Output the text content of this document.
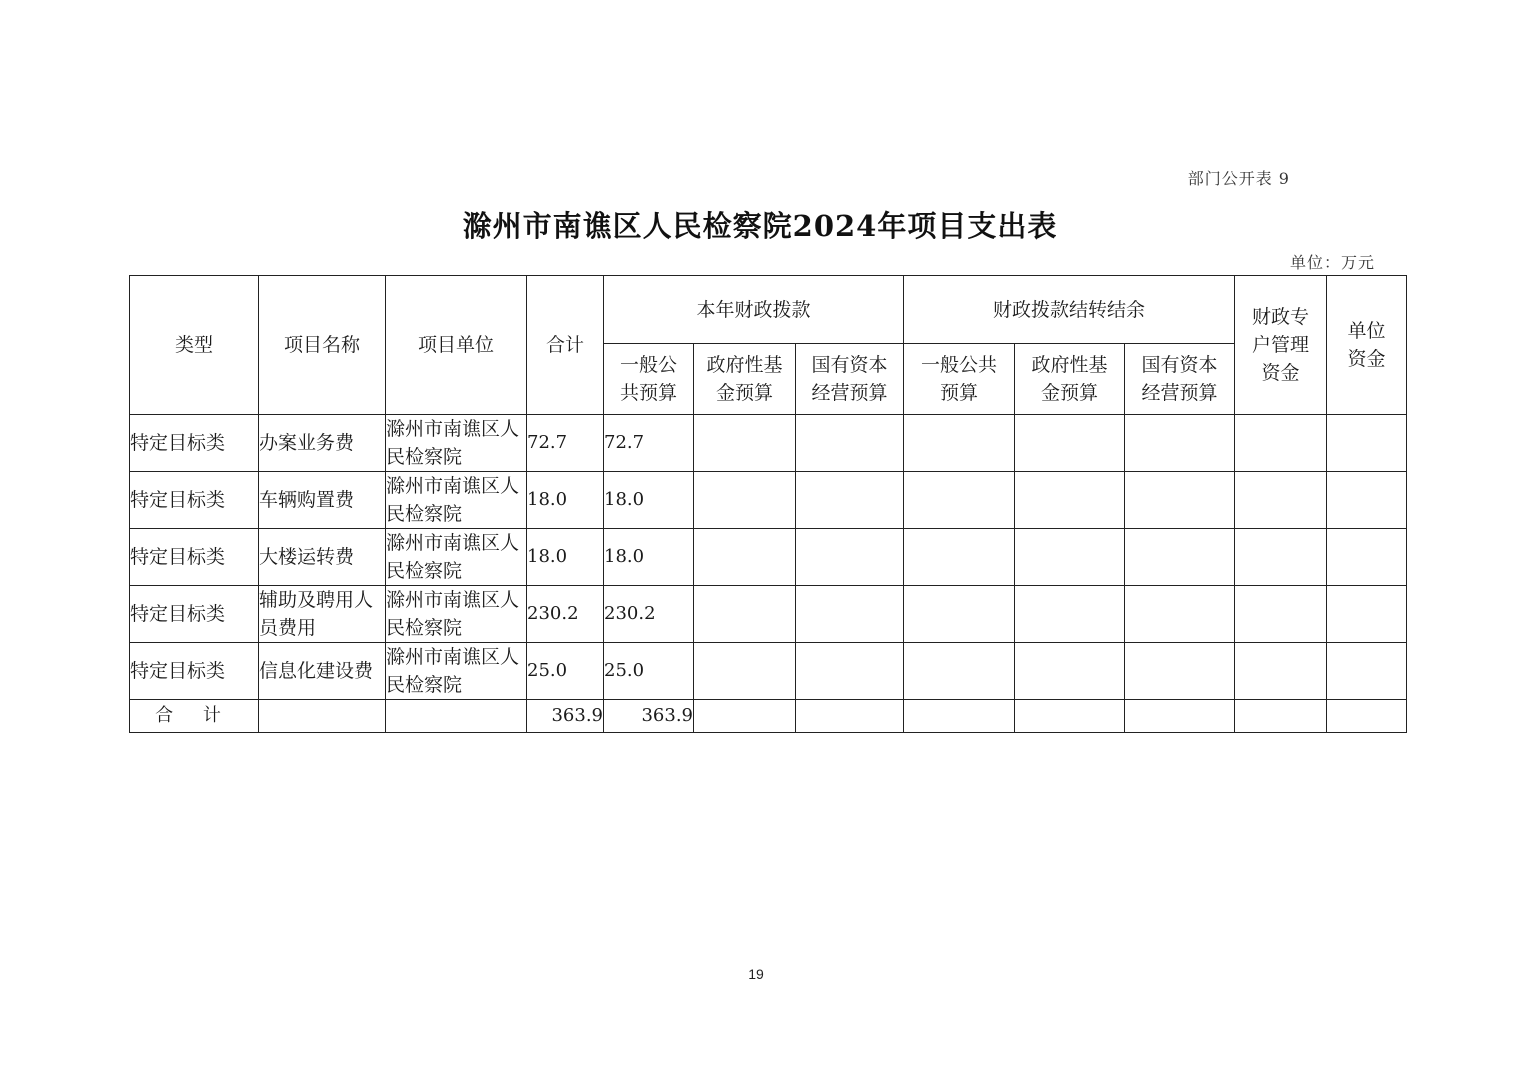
部门公开表 9
滁州市南谯区人民检察院2024年项目支出表
单位：万元
类型	项目名称	项目单位	合计	本年财政拨款			财政拨款结转结余			财政专户管理资金	单位资金
				一般公共预算	政府性基金预算	国有资本经营预算	一般公共预算	政府性基金预算	国有资本经营预算		
特定目标类	办案业务费	滁州市南谯区人民检察院	72.7	72.7							
特定目标类	车辆购置费	滁州市南谯区人民检察院	18.0	18.0							
特定目标类	大楼运转费	滁州市南谯区人民检察院	18.0	18.0							
特定目标类	辅助及聘用人员费用	滁州市南谯区人民检察院	230.2	230.2							
特定目标类	信息化建设费	滁州市南谯区人民检察院	25.0	25.0							
合 计			363.9	363.9							
19
